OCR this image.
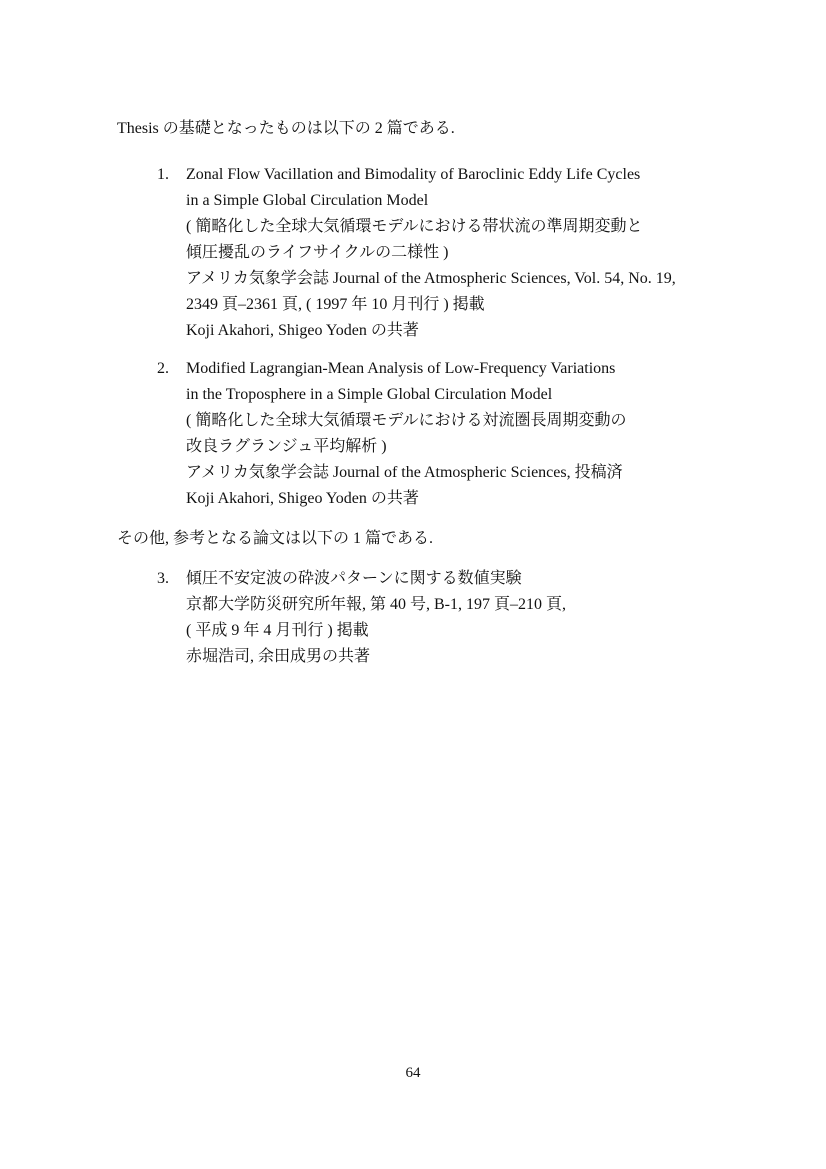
Thesis の基礎となったものは以下の 2 篇である.

1.	Zonal Flow Vacillation and Bimodality of Baroclinic Eddy Life Cycles
in a Simple Global Circulation Model
( 簡略化した全球大気循環モデルにおける帯状流の準周期変動と
傾圧擾乱のライフサイクルの二様性 )
アメリカ気象学会誌 Journal of the Atmospheric Sciences, Vol. 54, No. 19,
2349 頁–2361 頁, ( 1997 年 10 月刊行 ) 掲載
Koji Akahori, Shigeo Yoden の共著
2.	Modified Lagrangian-Mean Analysis of Low-Frequency Variations
in the Troposphere in a Simple Global Circulation Model
( 簡略化した全球大気循環モデルにおける対流圏長周期変動の
改良ラグランジュ平均解析 )
アメリカ気象学会誌 Journal of the Atmospheric Sciences, 投稿済
Koji Akahori, Shigeo Yoden の共著

その他, 参考となる論文は以下の 1 篇である.

3.	傾圧不安定波の砕波パターンに関する数値実験
京都大学防災研究所年報, 第 40 号, B-1, 197 頁–210 頁,
( 平成 9 年 4 月刊行 ) 掲載
赤堀浩司, 余田成男の共著
64
